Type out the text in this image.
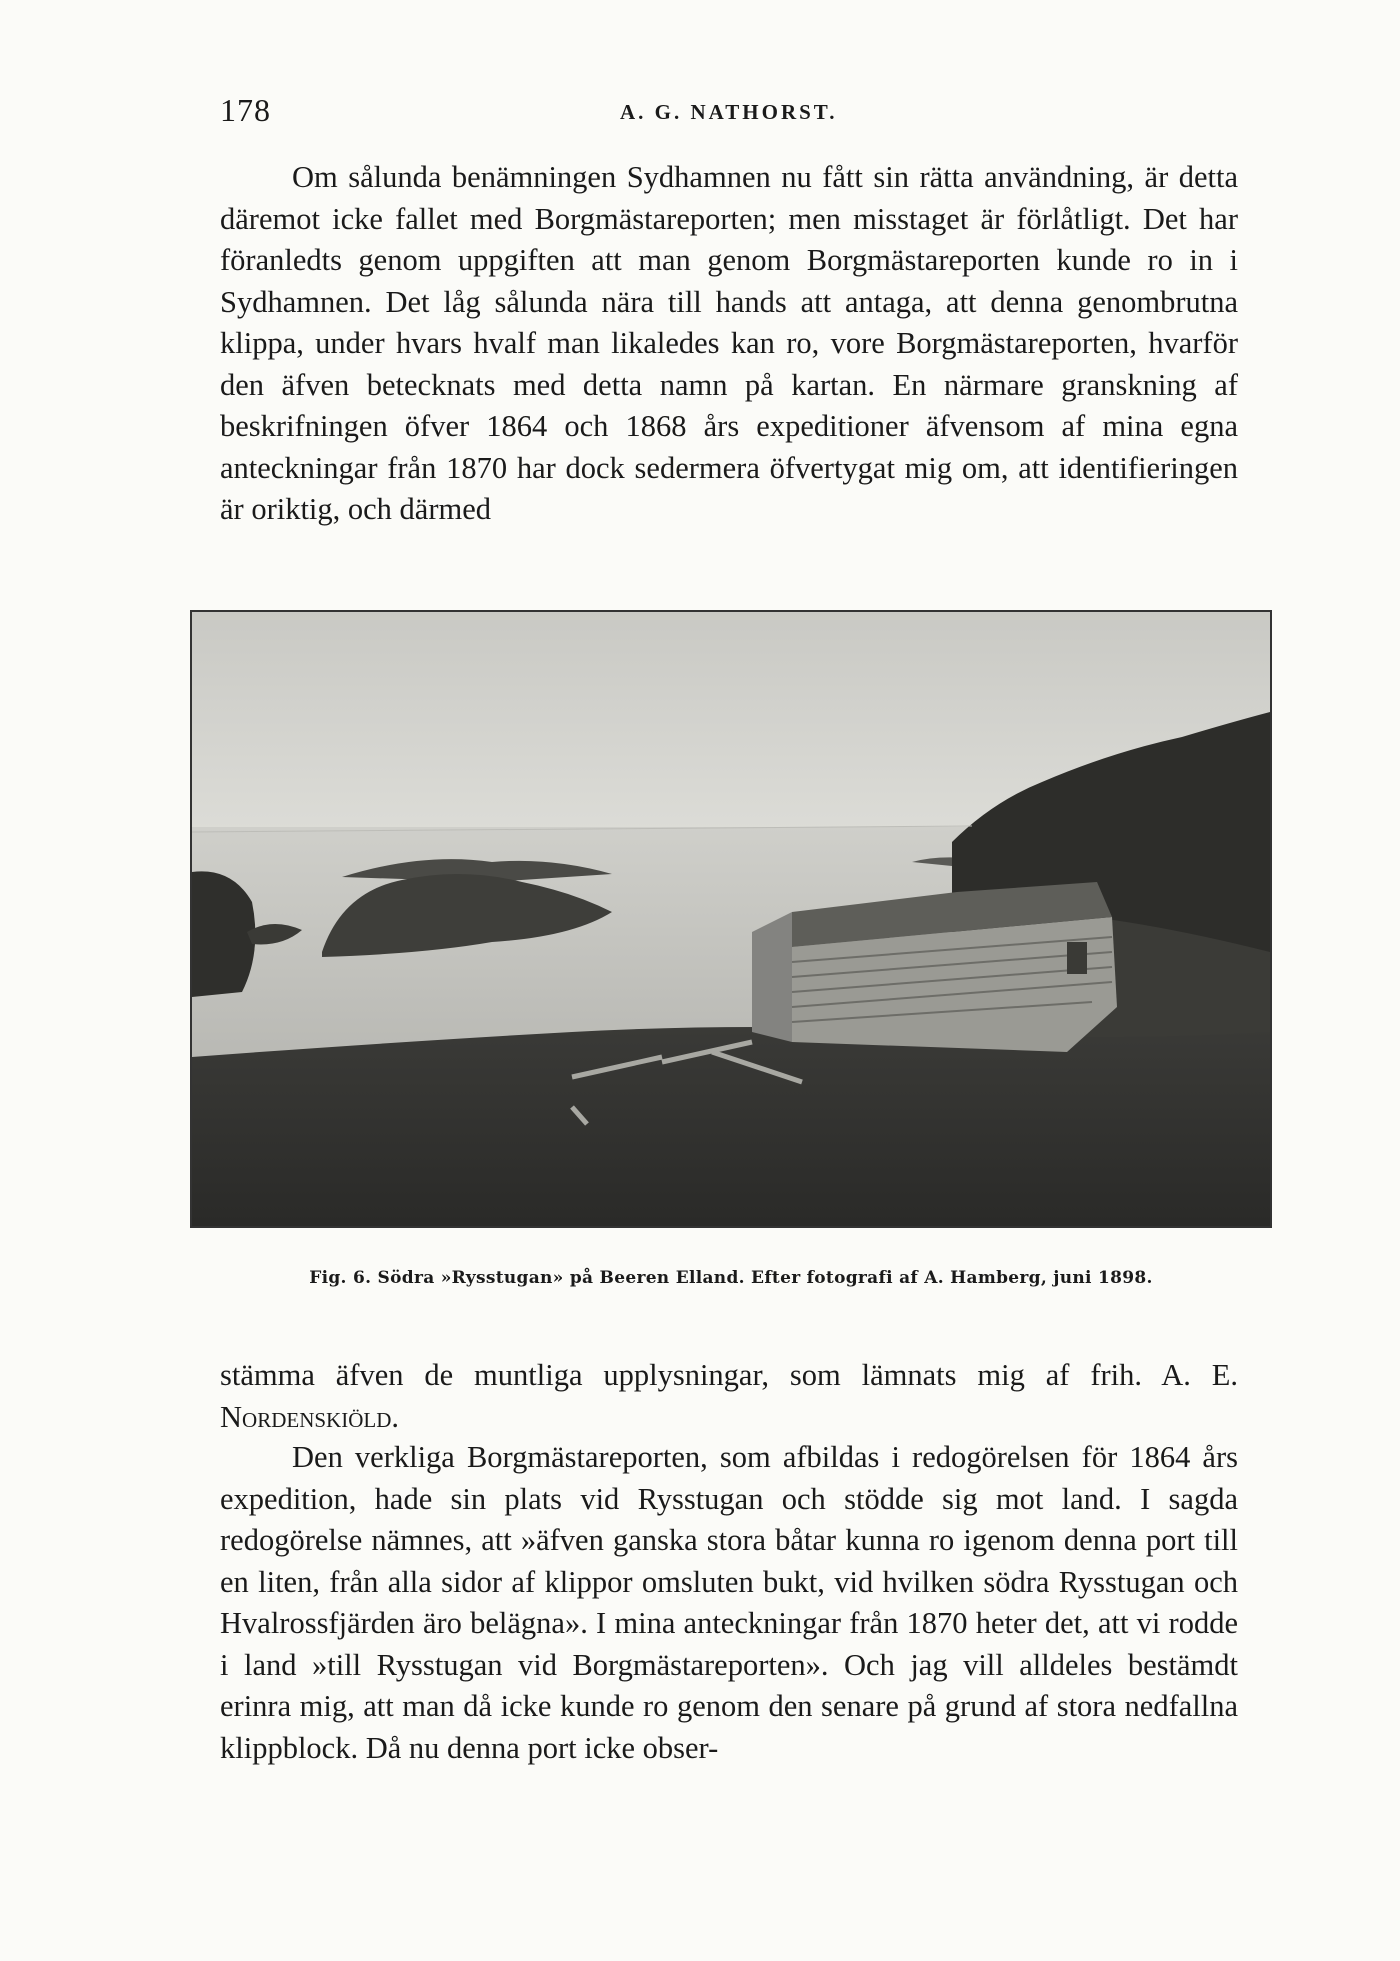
178	A. G. NATHORST.

Om sålunda benämningen Sydhamnen nu fått sin rätta användning, är detta däremot icke fallet med Borgmästareporten; men misstaget är förlåtligt. Det har föranledts genom uppgiften att man genom Borgmästareporten kunde ro in i Sydhamnen. Det låg sålunda nära till hands att antaga, att denna genombrutna klippa, under hvars hvalf man likaledes kan ro, vore Borgmästareporten, hvarför den äfven betecknats med detta namn på kartan. En närmare granskning af beskrifningen öfver 1864 och 1868 års expeditioner äfvensom af mina egna anteckningar från 1870 har dock sedermera öfvertygat mig om, att identifieringen är oriktig, och därmed

Fig. 6. Södra »Rysstugan» på Beeren Elland. Efter fotografi af A. Hamberg, juni 1898.

stämma äfven de muntliga upplysningar, som lämnats mig af frih. A. E. Nordenskiöld.

Den verkliga Borgmästareporten, som afbildas i redogörelsen för 1864 års expedition, hade sin plats vid Rysstugan och stödde sig mot land. I sagda redogörelse nämnes, att »äfven ganska stora båtar kunna ro igenom denna port till en liten, från alla sidor af klippor omsluten bukt, vid hvilken södra Rysstugan och Hvalrossfjärden äro belägna». I mina anteckningar från 1870 heter det, att vi rodde i land »till Rysstugan vid Borgmästareporten». Och jag vill alldeles bestämdt erinra mig, att man då icke kunde ro genom den senare på grund af stora nedfallna klippblock. Då nu denna port icke obser-
